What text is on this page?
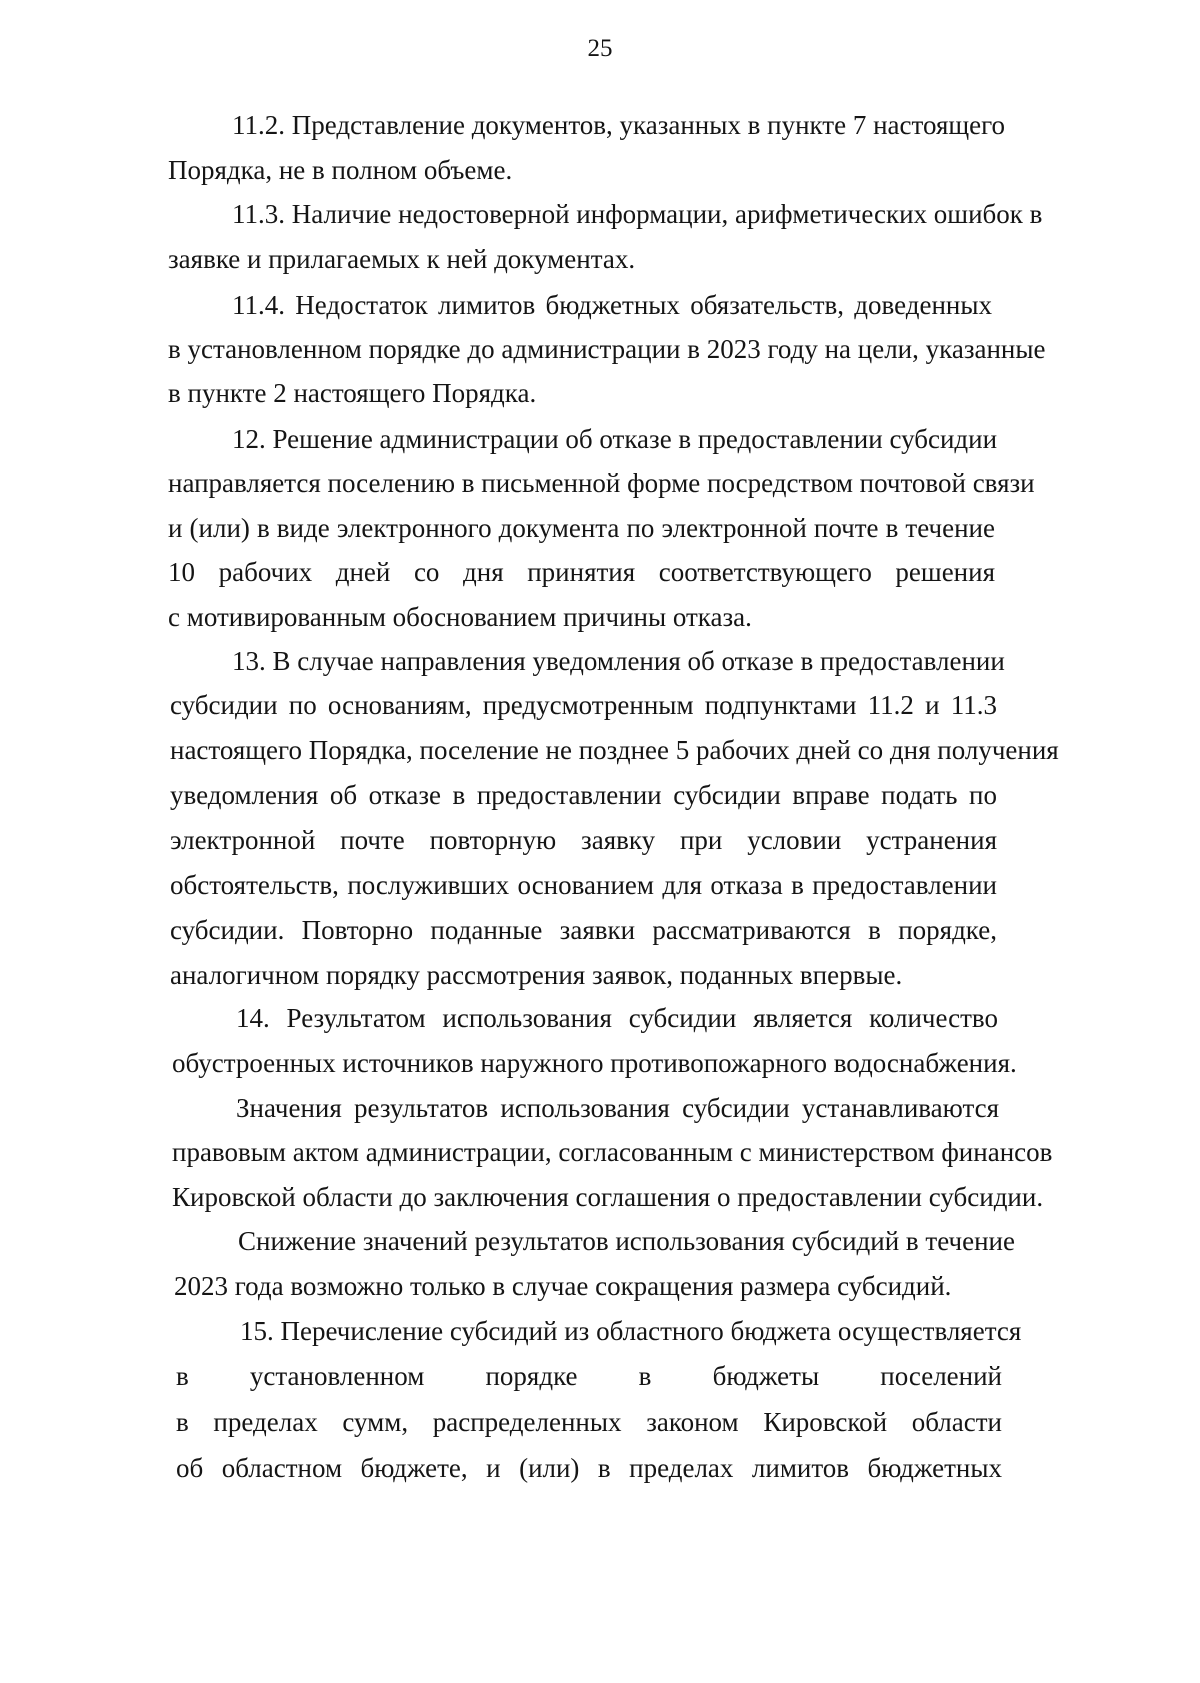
25
11.2. Представление документов, указанных в пункте 7 настоящего
Порядка, не в полном объеме.
11.3. Наличие недостоверной информации, арифметических ошибок в
заявке и прилагаемых к ней документах.
11.4. Недостаток лимитов бюджетных обязательств, доведенных
в установленном порядке до администрации в 2023 году на цели, указанные
в пункте 2 настоящего Порядка.
12. Решение администрации об отказе в предоставлении субсидии
направляется поселению в письменной форме посредством почтовой связи
и (или) в виде электронного документа по электронной почте в течение
10 рабочих дней со дня принятия соответствующего решения
с мотивированным обоснованием причины отказа.
13. В случае направления уведомления об отказе в предоставлении
субсидии по основаниям, предусмотренным подпунктами 11.2 и 11.3
настоящего Порядка, поселение не позднее 5 рабочих дней со дня получения
уведомления об отказе в предоставлении субсидии вправе подать по
электронной почте повторную заявку при условии устранения
обстоятельств, послуживших основанием для отказа в предоставлении
субсидии. Повторно поданные заявки рассматриваются в порядке,
аналогичном порядку рассмотрения заявок, поданных впервые.
14. Результатом использования субсидии является количество
обустроенных источников наружного противопожарного водоснабжения.
Значения результатов использования субсидии устанавливаются
правовым актом администрации, согласованным с министерством финансов
Кировской области до заключения соглашения о предоставлении субсидии.
Снижение значений результатов использования субсидий в течение
2023 года возможно только в случае сокращения размера субсидий.
15. Перечисление субсидий из областного бюджета осуществляется
в установленном порядке в бюджеты поселений
в пределах сумм, распределенных законом Кировской области
об областном бюджете, и (или) в пределах лимитов бюджетных
